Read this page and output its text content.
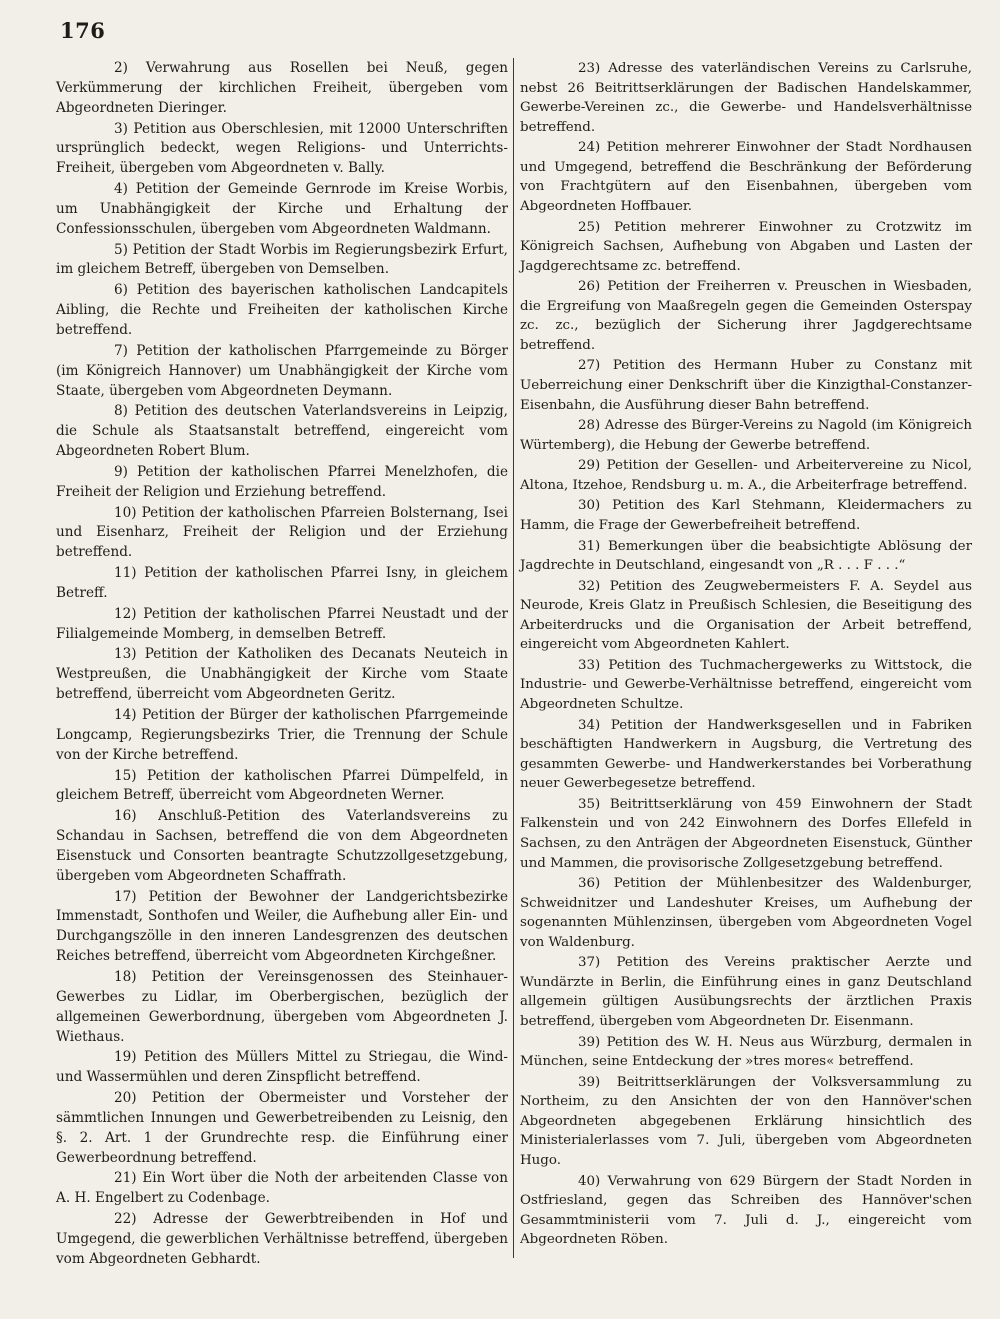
176

2) Verwahrung aus Rosellen bei Neuß, gegen Verkümmerung der kirchlichen Freiheit, übergeben vom Abgeordneten Dieringer.

3) Petition aus Oberschlesien, mit 12000 Unterschriften ursprünglich bedeckt, wegen Religions- und Unterrichts-Freiheit, übergeben vom Abgeordneten v. Bally.

4) Petition der Gemeinde Gernrode im Kreise Worbis, um Unabhängigkeit der Kirche und Erhaltung der Confessionsschulen, übergeben vom Abgeordneten Waldmann.

5) Petition der Stadt Worbis im Regierungsbezirk Erfurt, im gleichem Betreff, übergeben von Demselben.

6) Petition des bayerischen katholischen Landcapitels Aibling, die Rechte und Freiheiten der katholischen Kirche betreffend.

7) Petition der katholischen Pfarrgemeinde zu Börger (im Königreich Hannover) um Unabhängigkeit der Kirche vom Staate, übergeben vom Abgeordneten Deymann.

8) Petition des deutschen Vaterlandsvereins in Leipzig, die Schule als Staatsanstalt betreffend, eingereicht vom Abgeordneten Robert Blum.

9) Petition der katholischen Pfarrei Menelzhofen, die Freiheit der Religion und Erziehung betreffend.

10) Petition der katholischen Pfarreien Bolsternang, Isei und Eisenharz, Freiheit der Religion und der Erziehung betreffend.

11) Petition der katholischen Pfarrei Isny, in gleichem Betreff.

12) Petition der katholischen Pfarrei Neustadt und der Filialgemeinde Momberg, in demselben Betreff.

13) Petition der Katholiken des Decanats Neuteich in Westpreußen, die Unabhängigkeit der Kirche vom Staate betreffend, überreicht vom Abgeordneten Geritz.

14) Petition der Bürger der katholischen Pfarrgemeinde Longcamp, Regierungsbezirks Trier, die Trennung der Schule von der Kirche betreffend.

15) Petition der katholischen Pfarrei Dümpelfeld, in gleichem Betreff, überreicht vom Abgeordneten Werner.

16) Anschluß-Petition des Vaterlandsvereins zu Schandau in Sachsen, betreffend die von dem Abgeordneten Eisenstuck und Consorten beantragte Schutzzollgesetzgebung, übergeben vom Abgeordneten Schaffrath.

17) Petition der Bewohner der Landgerichtsbezirke Immenstadt, Sonthofen und Weiler, die Aufhebung aller Ein- und Durchgangszölle in den inneren Landesgrenzen des deutschen Reiches betreffend, überreicht vom Abgeordneten Kirchgeßner.

18) Petition der Vereinsgenossen des Steinhauer-Gewerbes zu Lidlar, im Oberbergischen, bezüglich der allgemeinen Gewerbordnung, übergeben vom Abgeordneten J. Wiethaus.

19) Petition des Müllers Mittel zu Striegau, die Wind- und Wassermühlen und deren Zinspflicht betreffend.

20) Petition der Obermeister und Vorsteher der sämmtlichen Innungen und Gewerbetreibenden zu Leisnig, den §. 2. Art. 1 der Grundrechte resp. die Einführung einer Gewerbeordnung betreffend.

21) Ein Wort über die Noth der arbeitenden Classe von A. H. Engelbert zu Codenbage.

22) Adresse der Gewerbtreibenden in Hof und Umgegend, die gewerblichen Verhältnisse betreffend, übergeben vom Abgeordneten Gebhardt.

23) Adresse des vaterländischen Vereins zu Carlsruhe, nebst 26 Beitrittserklärungen der Badischen Handelskammer, Gewerbe-Vereinen zc., die Gewerbe- und Handelsverhältnisse betreffend.

24) Petition mehrerer Einwohner der Stadt Nordhausen und Umgegend, betreffend die Beschränkung der Beförderung von Frachtgütern auf den Eisenbahnen, übergeben vom Abgeordneten Hoffbauer.

25) Petition mehrerer Einwohner zu Crotzwitz im Königreich Sachsen, Aufhebung von Abgaben und Lasten der Jagdgerechtsame zc. betreffend.

26) Petition der Freiherren v. Preuschen in Wiesbaden, die Ergreifung von Maaßregeln gegen die Gemeinden Osterspay zc. zc., bezüglich der Sicherung ihrer Jagdgerechtsame betreffend.

27) Petition des Hermann Huber zu Constanz mit Ueberreichung einer Denkschrift über die Kinzigthal-Constanzer-Eisenbahn, die Ausführung dieser Bahn betreffend.

28) Adresse des Bürger-Vereins zu Nagold (im Königreich Würtemberg), die Hebung der Gewerbe betreffend.

29) Petition der Gesellen- und Arbeitervereine zu Nicol, Altona, Itzehoe, Rendsburg u. m. A., die Arbeiterfrage betreffend.

30) Petition des Karl Stehmann, Kleidermachers zu Hamm, die Frage der Gewerbefreiheit betreffend.

31) Bemerkungen über die beabsichtigte Ablösung der Jagdrechte in Deutschland, eingesandt von „R . . . F . . .“

32) Petition des Zeugwebermeisters F. A. Seydel aus Neurode, Kreis Glatz in Preußisch Schlesien, die Beseitigung des Arbeiterdrucks und die Organisation der Arbeit betreffend, eingereicht vom Abgeordneten Kahlert.

33) Petition des Tuchmachergewerks zu Wittstock, die Industrie- und Gewerbe-Verhältnisse betreffend, eingereicht vom Abgeordneten Schultze.

34) Petition der Handwerksgesellen und in Fabriken beschäftigten Handwerkern in Augsburg, die Vertretung des gesammten Gewerbe- und Handwerkerstandes bei Vorberathung neuer Gewerbegesetze betreffend.

35) Beitrittserklärung von 459 Einwohnern der Stadt Falkenstein und von 242 Einwohnern des Dorfes Ellefeld in Sachsen, zu den Anträgen der Abgeordneten Eisenstuck, Günther und Mammen, die provisorische Zollgesetzgebung betreffend.

36) Petition der Mühlenbesitzer des Waldenburger, Schweidnitzer und Landeshuter Kreises, um Aufhebung der sogenannten Mühlenzinsen, übergeben vom Abgeordneten Vogel von Waldenburg.

37) Petition des Vereins praktischer Aerzte und Wundärzte in Berlin, die Einführung eines in ganz Deutschland allgemein gültigen Ausübungsrechts der ärztlichen Praxis betreffend, übergeben vom Abgeordneten Dr. Eisenmann.

39) Petition des W. H. Neus aus Würzburg, dermalen in München, seine Entdeckung der »tres mores« betreffend.

39) Beitrittserklärungen der Volksversammlung zu Northeim, zu den Ansichten der von den Hannöver'schen Abgeordneten abgegebenen Erklärung hinsichtlich des Ministerialerlasses vom 7. Juli, übergeben vom Abgeordneten Hugo.

40) Verwahrung von 629 Bürgern der Stadt Norden in Ostfriesland, gegen das Schreiben des Hannöver'schen Gesammtministerii vom 7. Juli d. J., eingereicht vom Abgeordneten Röben.
